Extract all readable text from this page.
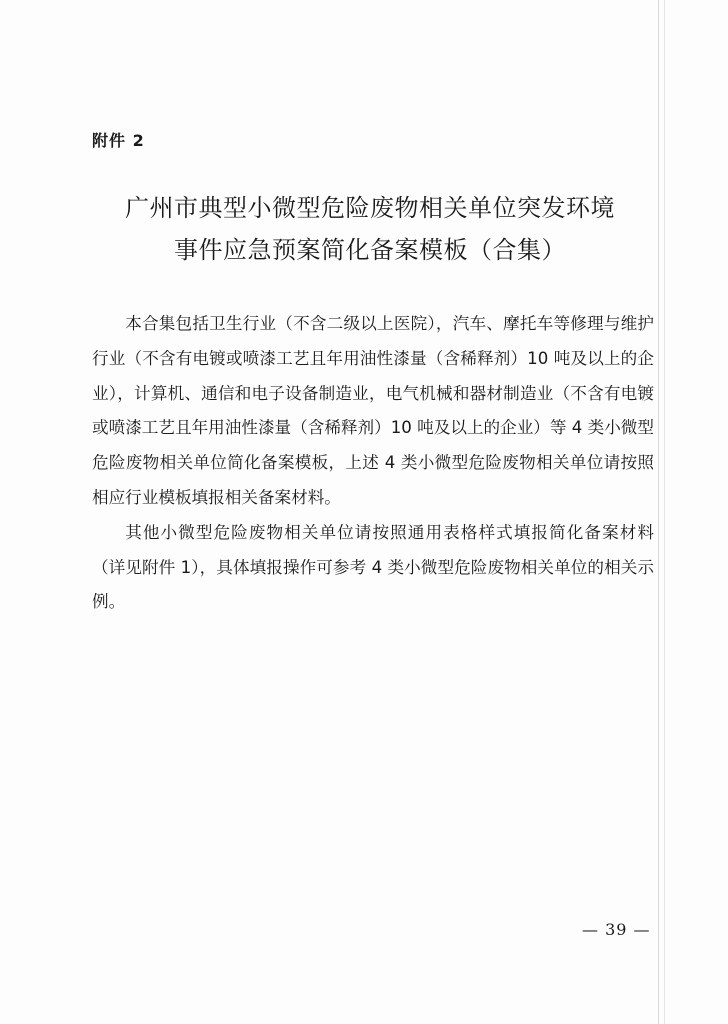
附件 2
广州市典型小微型危险废物相关单位突发环境
事件应急预案简化备案模板（合集）

本合集包括卫生行业（不含二级以上医院），汽车、摩托车等修理与维护行业（不含有电镀或喷漆工艺且年用油性漆量（含稀释剂）10 吨及以上的企业），计算机、通信和电子设备制造业，电气机械和器材制造业（不含有电镀或喷漆工艺且年用油性漆量（含稀释剂）10 吨及以上的企业）等 4 类小微型危险废物相关单位简化备案模板，上述 4 类小微型危险废物相关单位请按照相应行业模板填报相关备案材料。

其他小微型危险废物相关单位请按照通用表格样式填报简化备案材料（详见附件 1），具体填报操作可参考 4 类小微型危险废物相关单位的相关示例。

— 39 —
